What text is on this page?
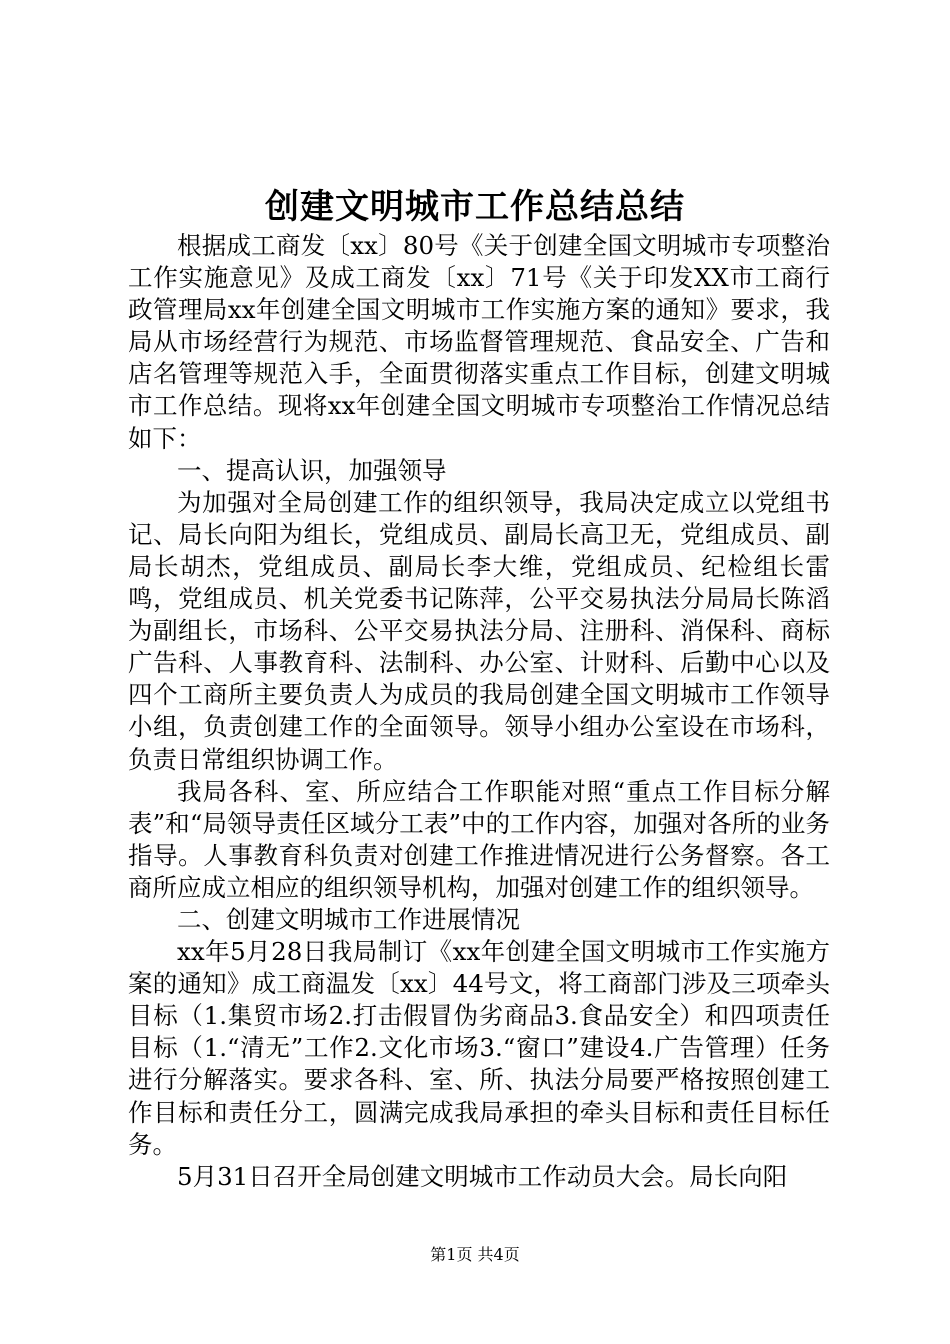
创建文明城市工作总结总结

根据成工商发〔xx〕80号《关于创建全国文明城市专项整治工作实施意见》及成工商发〔xx〕71号《关于印发XX市工商行政管理局xx年创建全国文明城市工作实施方案的通知》要求，我局从市场经营行为规范、市场监督管理规范、食品安全、广告和店名管理等规范入手，全面贯彻落实重点工作目标，创建文明城市工作总结。现将xx年创建全国文明城市专项整治工作情况总结如下：

一、提高认识，加强领导

为加强对全局创建工作的组织领导，我局决定成立以党组书记、局长向阳为组长，党组成员、副局长高卫无，党组成员、副局长胡杰，党组成员、副局长李大维，党组成员、纪检组长雷鸣，党组成员、机关党委书记陈萍，公平交易执法分局局长陈滔为副组长，市场科、公平交易执法分局、注册科、消保科、商标广告科、人事教育科、法制科、办公室、计财科、后勤中心以及四个工商所主要负责人为成员的我局创建全国文明城市工作领导小组，负责创建工作的全面领导。领导小组办公室设在市场科，负责日常组织协调工作。

我局各科、室、所应结合工作职能对照“重点工作目标分解表”和“局领导责任区域分工表”中的工作内容，加强对各所的业务指导。人事教育科负责对创建工作推进情况进行公务督察。各工商所应成立相应的组织领导机构，加强对创建工作的组织领导。

二、创建文明城市工作进展情况

xx年5月28日我局制订《xx年创建全国文明城市工作实施方案的通知》成工商温发〔xx〕44号文，将工商部门涉及三项牵头目标（1.集贸市场2.打击假冒伪劣商品3.食品安全）和四项责任目标（1.“清无”工作2.文化市场3.“窗口”建设4.广告管理）任务进行分解落实。要求各科、室、所、执法分局要严格按照创建工作目标和责任分工，圆满完成我局承担的牵头目标和责任目标任务。

5月31日召开全局创建文明城市工作动员大会。局长向阳

第1页 共4页
